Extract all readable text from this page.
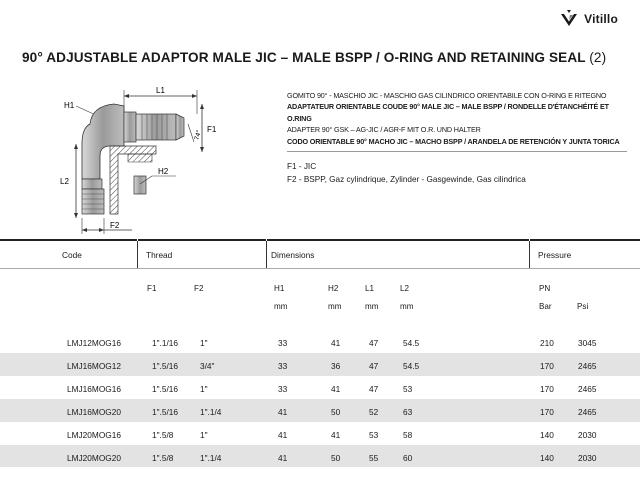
Vitillo
90° ADJUSTABLE ADAPTOR MALE JIC – MALE BSPP / O-RING AND RETAINING SEAL (2)
L1
H1
74°
F1
H2
L2
F2
GOMITO 90° - MASCHIO JIC - MASCHIO GAS CILINDRICO ORIENTABILE CON O-RING E RITEGNO
ADAPTATEUR ORIENTABLE COUDE 90° MALE JIC – MALE BSPP / RONDELLE D'ÉTANCHÉITÉ ET O.RING
ADAPTER 90° GSK – AG-JIC / AGR-F MIT O.R. UND HALTER
CODO ORIENTABLE 90° MACHO JIC – MACHO BSPP / ARANDELA DE RETENCIÓN Y JUNTA TORICA
F1 - JIC
F2 - BSPP, Gaz cylindrique, Zylinder - Gasgewinde, Gas cilindrica
Code	Thread	Dimensions	Pressure
F1	F2	H1	H2	L1	L2	PN
mm	mm	mm	mm	Bar	Psi
LMJ12MOG16	1".1/16	1"	33	41	47	54.5	210	3045
LMJ16MOG12	1".5/16	3/4"	33	36	47	54.5	170	2465
LMJ16MOG16	1".5/16	1"	33	41	47	53	170	2465
LMJ16MOG20	1".5/16	1".1/4	41	50	52	63	170	2465
LMJ20MOG16	1".5/8	1"	41	41	53	58	140	2030
LMJ20MOG20	1".5/8	1".1/4	41	50	55	60	140	2030
